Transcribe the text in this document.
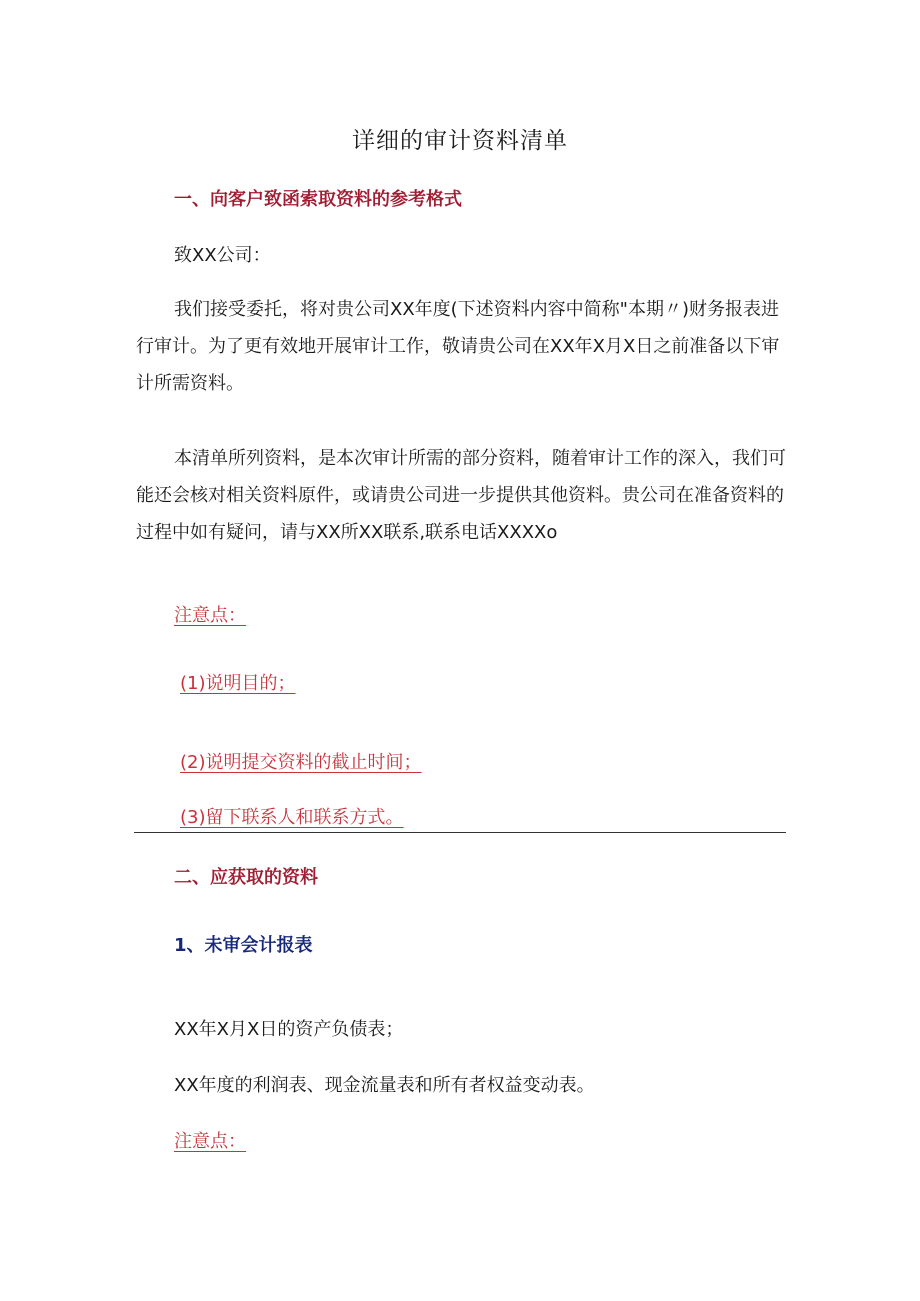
详细的审计资料清单
一、向客户致函索取资料的参考格式
致XX公司：
我们接受委托，将对贵公司XX年度(下述资料内容中简称"本期〃)财务报表进行审计。为了更有效地开展审计工作，敬请贵公司在XX年X月X日之前准备以下审计所需资料。
本清单所列资料，是本次审计所需的部分资料，随着审计工作的深入，我们可能还会核对相关资料原件，或请贵公司进一步提供其他资料。贵公司在准备资料的过程中如有疑问，请与XX所XX联系,联系电话XXXXo
注意点：
(1)说明目的；
(2)说明提交资料的截止时间；
(3)留下联系人和联系方式。
二、应获取的资料
1、未审会计报表
XX年X月X日的资产负债表；
XX年度的利润表、现金流量表和所有者权益变动表。
注意点：
